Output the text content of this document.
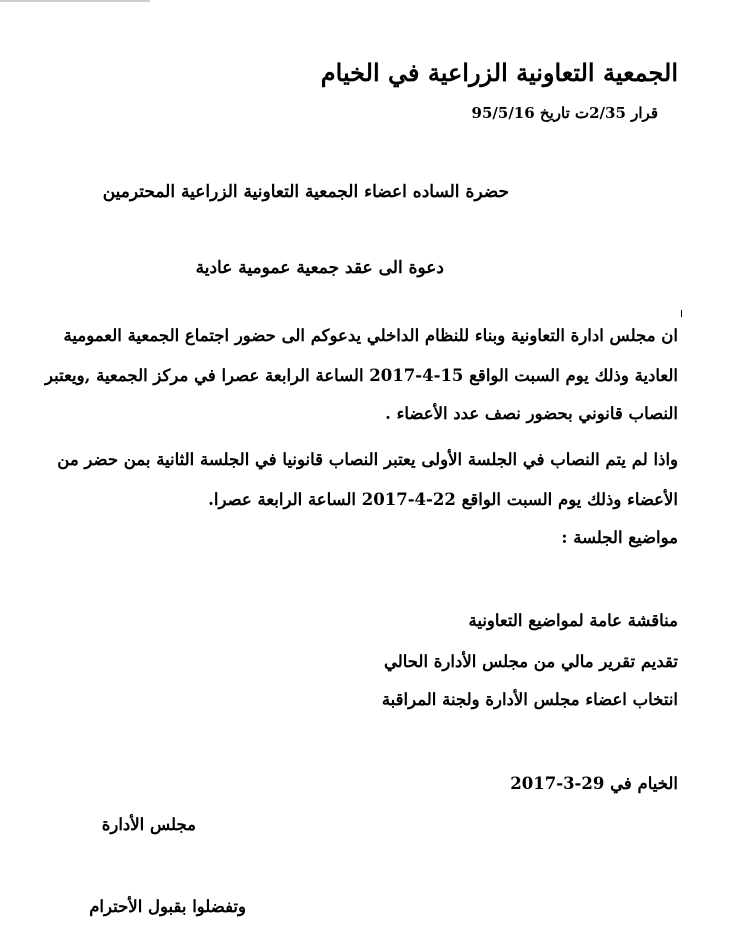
الجمعية التعاونية الزراعية في الخيام

قرار 2/35ت تاريخ 95/5/16

حضرة الساده اعضاء الجمعية التعاونية الزراعية المحترمين

دعوة الى عقد جمعية عمومية عادية

ان مجلس ادارة التعاونية وبناء للنظام الداخلي يدعوكم الى حضور اجتماع الجمعية العمومية

العادية وذلك يوم السبت الواقع 15-4-2017 الساعة الرابعة عصرا في مركز الجمعية ,ويعتبر

النصاب قانوني بحضور نصف عدد الأعضاء .

واذا لم يتم النصاب في الجلسة الأولى يعتبر النصاب قانونيا في الجلسة الثانية بمن حضر من

الأعضاء وذلك يوم السبت الواقع 22-4-2017 الساعة الرابعة عصرا.

مواضيع الجلسة :

مناقشة عامة لمواضيع التعاونية

تقديم تقرير مالي من مجلس الأدارة الحالي

انتخاب اعضاء مجلس الأدارة ولجنة المراقبة

الخيام في 29-3-2017

مجلس الأدارة

وتفضلوا بقبول الأحترام
